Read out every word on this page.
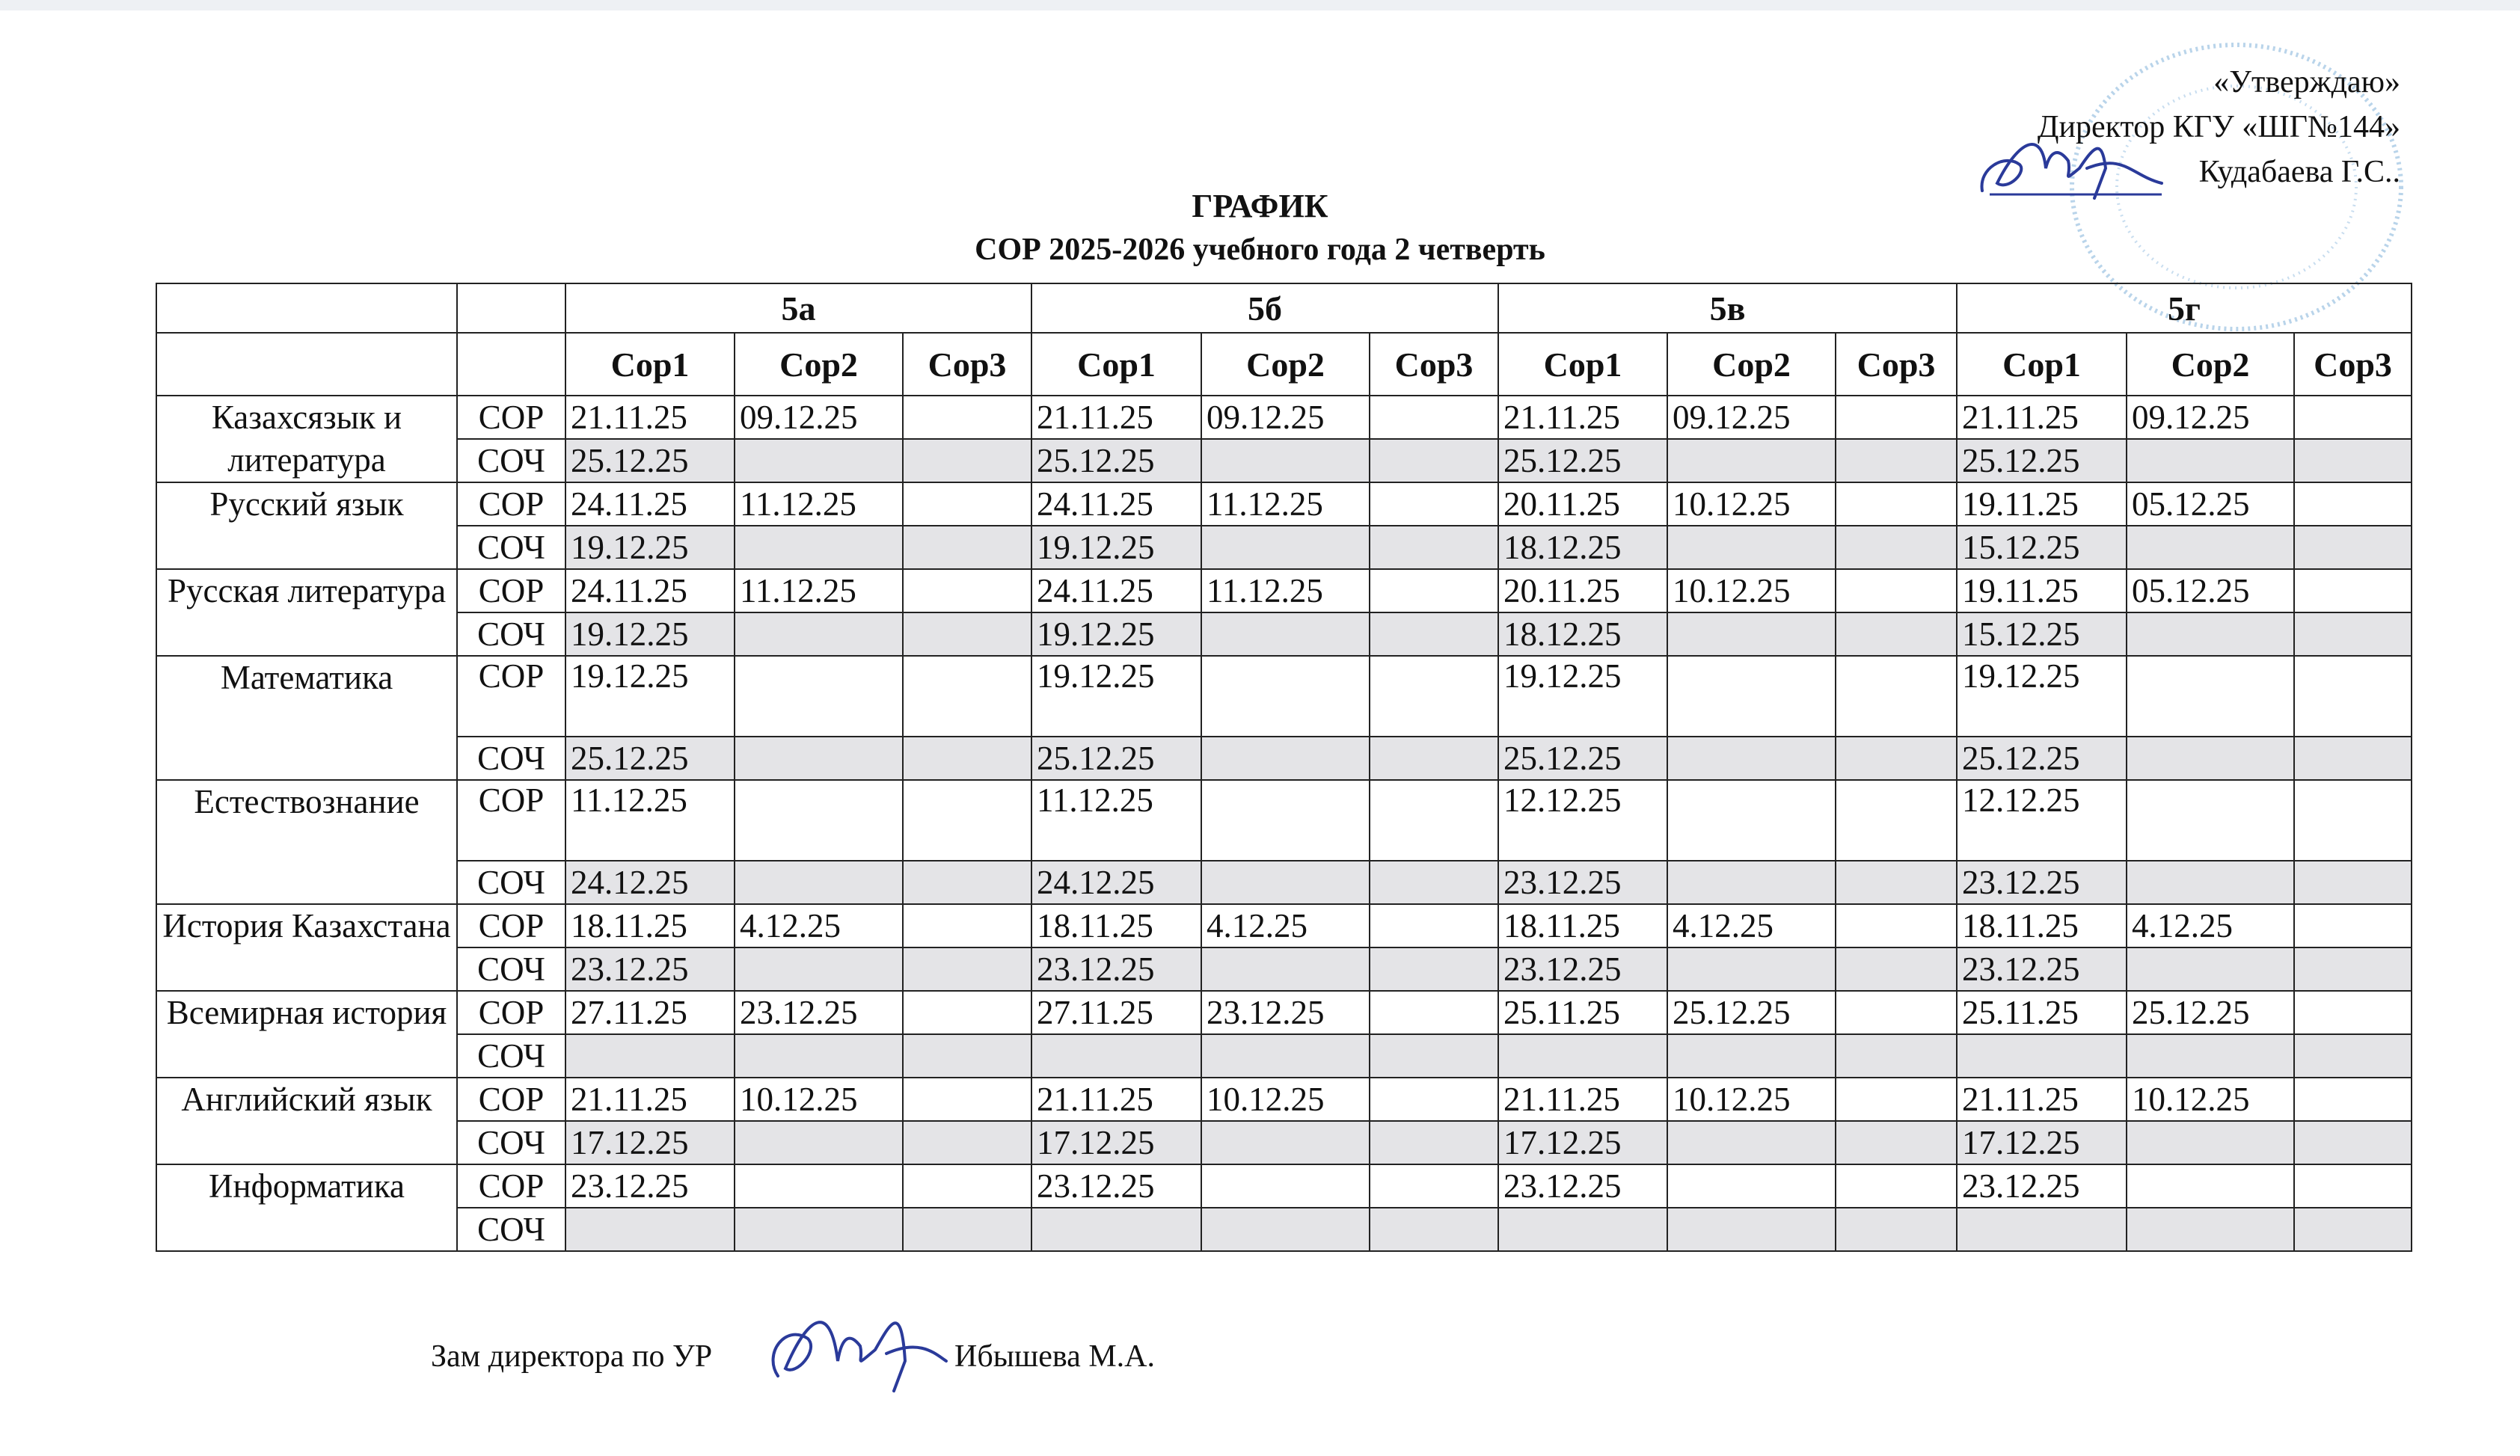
«Утверждаю»
Директор КГУ «ШГ№144»
Кудабаева Г.С..
ГРАФИК
СОР 2025-2026 учебного года 2 четверть
		5а			5б			5в			5г		
		Сор1	Сор2	Сор3	Сор1	Сор2	Сор3	Сор1	Сор2	Сор3	Сор1	Сор2	Сор3
Казахсязык и литература	СОР	21.11.25	09.12.25		21.11.25	09.12.25		21.11.25	09.12.25		21.11.25	09.12.25	
	СОЧ	25.12.25			25.12.25			25.12.25			25.12.25		
Русский язык	СОР	24.11.25	11.12.25		24.11.25	11.12.25		20.11.25	10.12.25		19.11.25	05.12.25	
	СОЧ	19.12.25			19.12.25			18.12.25			15.12.25		
Русская литература	СОР	24.11.25	11.12.25		24.11.25	11.12.25		20.11.25	10.12.25		19.11.25	05.12.25	
	СОЧ	19.12.25			19.12.25			18.12.25			15.12.25		
Математика	СОР	19.12.25			19.12.25			19.12.25			19.12.25		
	СОЧ	25.12.25			25.12.25			25.12.25			25.12.25		
Естествознание	СОР	11.12.25			11.12.25			12.12.25			12.12.25		
	СОЧ	24.12.25			24.12.25			23.12.25			23.12.25		
История Казахстана	СОР	18.11.25	4.12.25		18.11.25	4.12.25		18.11.25	4.12.25		18.11.25	4.12.25	
	СОЧ	23.12.25			23.12.25			23.12.25			23.12.25		
Всемирная история	СОР	27.11.25	23.12.25		27.11.25	23.12.25		25.11.25	25.12.25		25.11.25	25.12.25	
	СОЧ												
Английский язык	СОР	21.11.25	10.12.25		21.11.25	10.12.25		21.11.25	10.12.25		21.11.25	10.12.25	
	СОЧ	17.12.25			17.12.25			17.12.25			17.12.25		
Информатика	СОР	23.12.25			23.12.25			23.12.25			23.12.25		
	СОЧ												
Зам директора по УР	Ибышева М.А.
